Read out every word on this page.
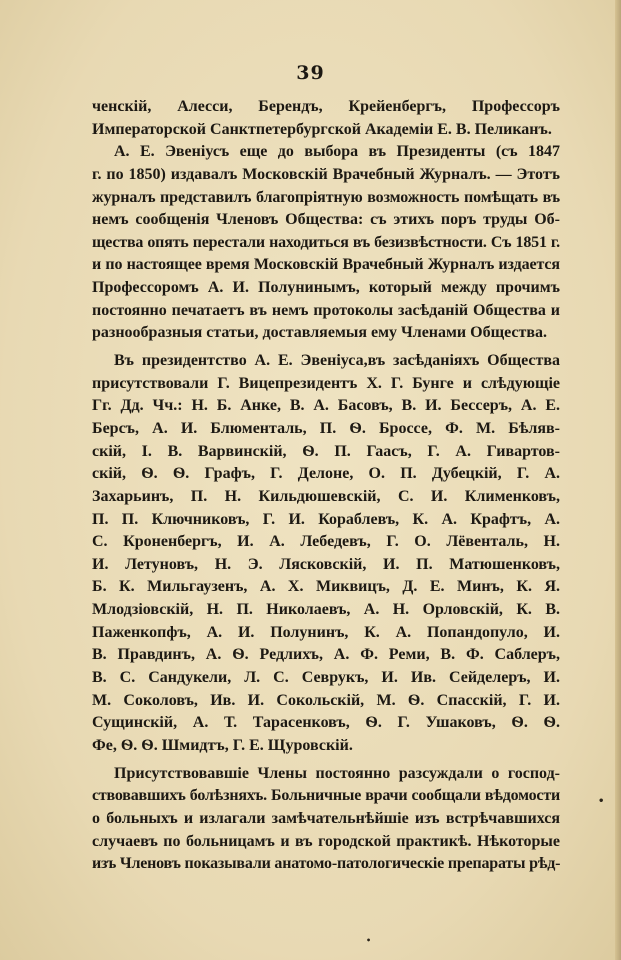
39
ченскій, Алесси, Берендъ, Крейенбергъ, Профессоръ
Императорской Санктпетербургской Академіи Е. В. Пеликанъ.
А. Е. Эвеніусъ еще до выбора въ Президенты (съ 1847
г. по 1850) издавалъ Московскій Врачебный Журналъ. — Этотъ
журналъ представилъ благопріятную возможность помѣщать въ
немъ сообщенія Членовъ Общества: съ этихъ поръ труды Об-
щества опять перестали находиться въ безизвѣстности. Съ 1851 г.
и по настоящее время Московскій Врачебный Журналъ издается
Профессоромъ А. И. Полунинымъ, который между прочимъ
постоянно печатаетъ въ немъ протоколы засѣданій Общества и
разнообразныя статьи, доставляемыя ему Членами Общества.
Въ президентство А. Е. Эвеніуса,въ засѣданіяхъ Общества
присутствовали Г. Вицепрезидентъ Х. Г. Бунге и слѣдующіе
Гг. Дд. Чч.: Н. Б. Анке, В. А. Басовъ, В. И. Бессеръ, А. Е.
Берсъ, А. И. Блюменталь, П. Ѳ. Броссе, Ф. М. Бѣляв-
скій, І. В. Варвинскій, Ѳ. П. Гаасъ, Г. А. Гивартов-
скій, Ѳ. Ѳ. Графъ, Г. Делоне, О. П. Дубецкій, Г. А.
Захарьинъ, П. Н. Кильдюшевскій, С. И. Клименковъ,
П. П. Ключниковъ, Г. И. Кораблевъ, К. А. Крафтъ, А.
С. Кроненбергъ, И. А. Лебедевъ, Г. О. Лёвенталь, Н.
И. Летуновъ, Н. Э. Лясковскій, И. П. Матюшенковъ,
Б. К. Мильгаузенъ, А. Х. Миквицъ, Д. Е. Минъ, К. Я.
Млодзіовскій, Н. П. Николаевъ, А. Н. Орловскій, К. В.
Паженкопфъ, А. И. Полунинъ, К. А. Попандопуло, И.
В. Правдинъ, А. Ѳ. Редлихъ, А. Ф. Реми, В. Ф. Саблеръ,
В. С. Сандукели, Л. С. Севрукъ, И. Ив. Сейделеръ, И.
М. Соколовъ, Ив. И. Сокольскій, М. Ѳ. Спасскій, Г. И.
Сущинскій, А. Т. Тарасенковъ, Ѳ. Г. Ушаковъ, Ѳ. Ѳ.
Фе, Ѳ. Ѳ. Шмидтъ, Г. Е. Щуровскій.
Присутствовавшіе Члены постоянно разсуждали о господ-
ствовавшихъ болѣзняхъ. Больничные врачи сообщали вѣдомости
о больныхъ и излагали замѣчательнѣйшіе изъ встрѣчавшихся
случаевъ по больницамъ и въ городской практикѣ. Нѣкоторые
изъ Членовъ показывали анатомо-патологическіе препараты рѣд-
•
•
